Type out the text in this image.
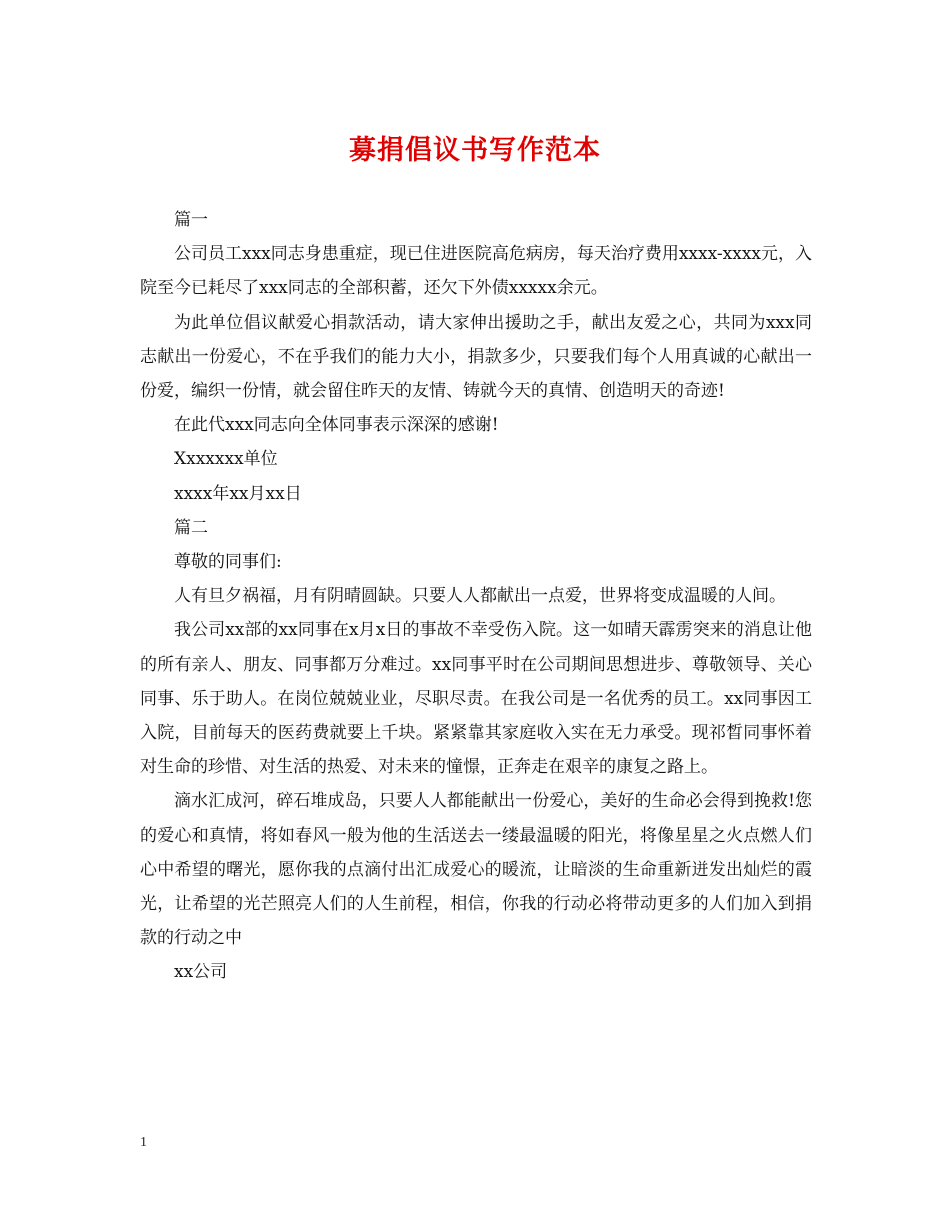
募捐倡议书写作范本

篇一

公司员工xxx同志身患重症，现已住进医院高危病房，每天治疗费用xxxx-xxxx元，入院至今已耗尽了xxx同志的全部积蓄，还欠下外债xxxxx余元。

为此单位倡议献爱心捐款活动，请大家伸出援助之手，献出友爱之心，共同为xxx同志献出一份爱心，不在乎我们的能力大小，捐款多少，只要我们每个人用真诚的心献出一份爱，编织一份情，就会留住昨天的友情、铸就今天的真情、创造明天的奇迹!

在此代xxx同志向全体同事表示深深的感谢!

Xxxxxxx单位

xxxx年xx月xx日

篇二

尊敬的同事们:

人有旦夕祸福，月有阴晴圆缺。只要人人都献出一点爱，世界将变成温暖的人间。

我公司xx部的xx同事在x月x日的事故不幸受伤入院。这一如晴天霹雳突来的消息让他的所有亲人、朋友、同事都万分难过。xx同事平时在公司期间思想进步、尊敬领导、关心同事、乐于助人。在岗位兢兢业业，尽职尽责。在我公司是一名优秀的员工。xx同事因工入院，目前每天的医药费就要上千块。紧紧靠其家庭收入实在无力承受。现祁晳同事怀着对生命的珍惜、对生活的热爱、对未来的憧憬，正奔走在艰辛的康复之路上。

滴水汇成河，碎石堆成岛，只要人人都能献出一份爱心，美好的生命必会得到挽救!您的爱心和真情，将如春风一般为他的生活送去一缕最温暖的阳光，将像星星之火点燃人们心中希望的曙光，愿你我的点滴付出汇成爱心的暖流，让暗淡的生命重新迸发出灿烂的霞光，让希望的光芒照亮人们的人生前程，相信，你我的行动必将带动更多的人们加入到捐款的行动之中

xx公司

1
